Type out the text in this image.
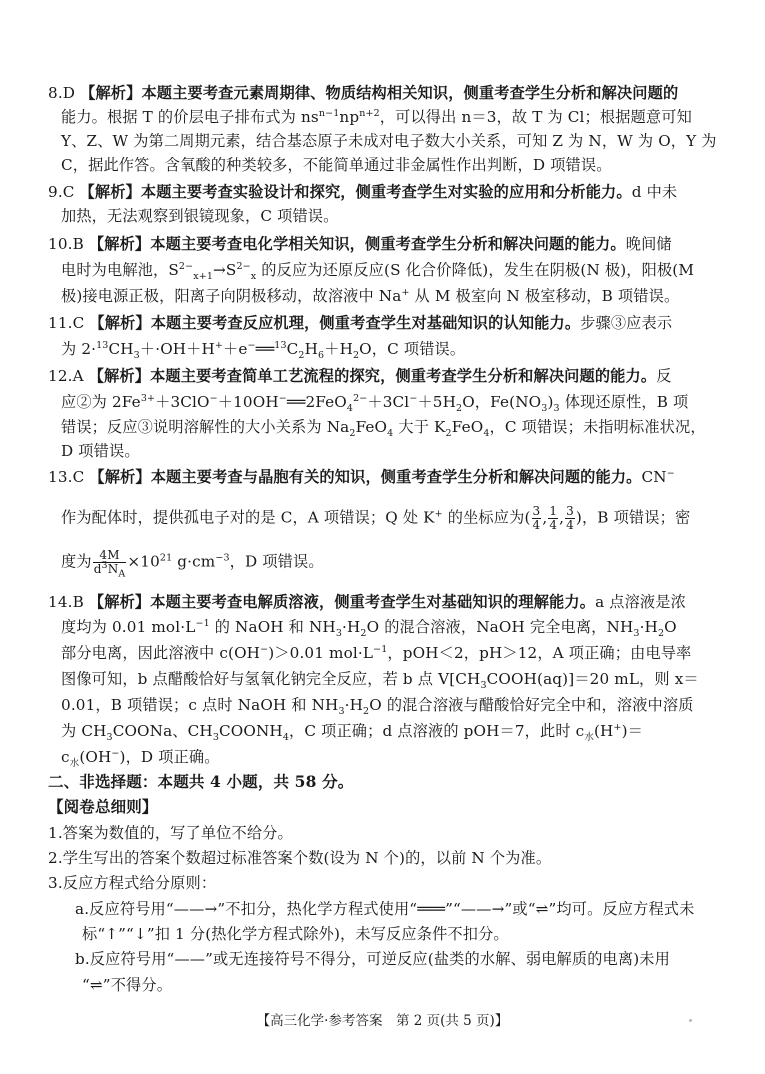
8.D 【解析】本题主要考查元素周期律、物质结构相关知识，侧重考查学生分析和解决问题的
能力。根据 T 的价层电子排布式为 $ns^{n-1}np^{n+2}$，可以得出 n＝3，故 T 为 Cl；根据题意可知
Y、Z、W 为第二周期元素，结合基态原子未成对电子数大小关系，可知 Z 为 N，W 为 O，Y 为
C，据此作答。含氧酸的种类较多，不能简单通过非金属性作出判断，D 项错误。
9.C 【解析】本题主要考查实验设计和探究，侧重考查学生对实验的应用和分析能力。d 中未
加热，无法观察到银镜现象，C 项错误。
10.B 【解析】本题主要考查电化学相关知识，侧重考查学生分析和解决问题的能力。晚间储
电时为电解池，$S^{2-}_{x+1}\to S^{2-}_x$ 的反应为还原反应(S 化合价降低)，发生在阴极(N 极)，阳极(M
极)接电源正极，阳离子向阴极移动，故溶液中 Na+ 从 M 极室向 N 极室移动，B 项错误。
11.C 【解析】本题主要考查反应机理，侧重考查学生对基础知识的认知能力。步骤③应表示
为 $2\cdot^{13}CH_3+\cdot OH+H^++e^-══^{13}C_2H_6+H_2O$，C 项错误。
12.A 【解析】本题主要考查简单工艺流程的探究，侧重考查学生分析和解决问题的能力。反
应②为 $2Fe^{3+}+3ClO^-+10OH^-══2FeO_4^{2-}+3Cl^-+5H_2O$，$Fe(NO_3)_3$ 体现还原性，B 项
错误；反应③说明溶解性的大小关系为 $Na_2FeO_4$ 大于 $K_2FeO_4$，C 项错误；未指明标准状况，
D 项错误。
13.C 【解析】本题主要考查与晶胞有关的知识，侧重考查学生分析和解决问题的能力。CN−
作为配体时，提供孤电子对的是 C，A 项错误；Q 处 K+ 的坐标应为( $\frac{3}{4}$ , $\frac{1}{4}$ , $\frac{3}{4}$ )，B 项错误；密
度为 $\frac{4M}{d^3N_A} \times 10^{21}$ $g\cdot cm^{-3}$，D 项错误。
14.B 【解析】本题主要考查电解质溶液，侧重考查学生对基础知识的理解能力。a 点溶液是浓
度均为 0.01 $mol\cdot L^{-1}$ 的 NaOH 和 $NH_3\cdot H_2O$ 的混合溶液，NaOH 完全电离，$NH_3\cdot H_2O$
部分电离，因此溶液中 c(OH−)＞0.01 $mol\cdot L^{-1}$，pOH＜2，pH＞12，A 项正确；由电导率
图像可知，b 点醋酸恰好与氢氧化钠完全反应，若 b 点 $V[CH_3COOH(aq)]=20$ mL，则 x＝
0.01，B 项错误；c 点时 NaOH 和 $NH_3\cdot H_2O$ 的混合溶液与醋酸恰好完全中和，溶液中溶质
为 $CH_3COONa$、$CH_3COONH_4$，C 项正确；d 点溶液的 pOH＝7，此时 $c_水(H^+)=$
$c_水(OH^-)$，D 项正确。
二、非选择题：本题共 4 小题，共 58 分。
【阅卷总细则】
1.答案为数值的，写了单位不给分。
2.学生写出的答案个数超过标准答案个数(设为 N 个)的，以前 N 个为准。
3.反应方程式给分原则：
a.反应符号用“——→”不扣分，热化学方程式使用“═══”“——→”或“⇌”均可。反应方程式未
标“↑”“↓”扣 1 分(热化学方程式除外)，未写反应条件不扣分。
b.反应符号用“——”或无连接符号不得分，可逆反应(盐类的水解、弱电解质的电离)未用
“⇌”不得分。
【高三化学·参考答案　第 2 页(共 5 页)】
